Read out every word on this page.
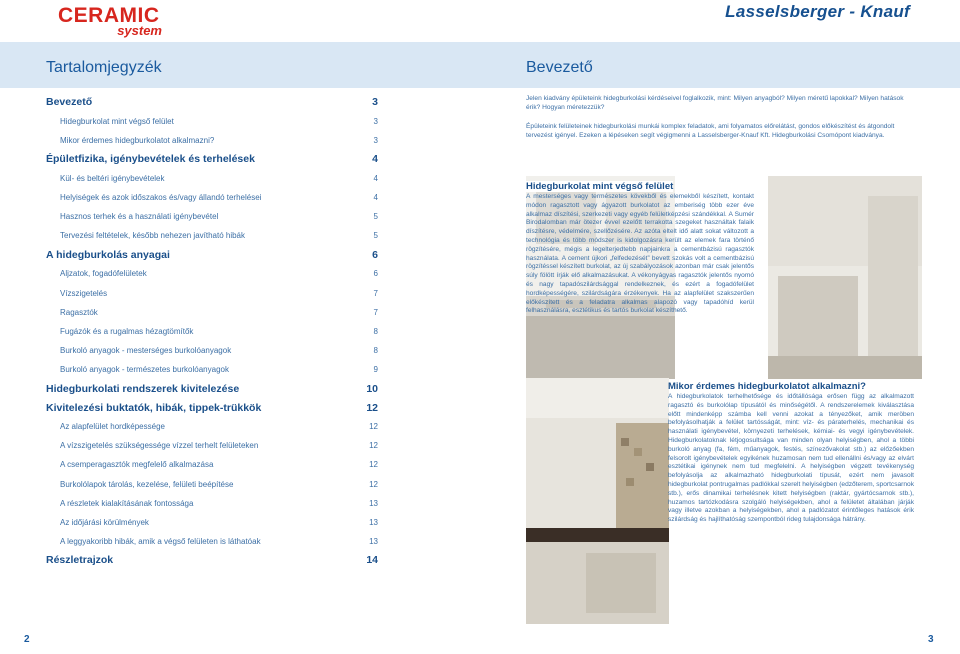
CERAMIC
system
Lasselsberger - Knauf
Tartalomjegyzék	Bevezető
Bevezető	3
Hidegburkolat mint végső felület	3
Mikor érdemes hidegburkolatot alkalmazni?	3
Épületfizika, igénybevételek és terhelések	4
Kül- és beltéri igénybevételek	4
Helyiségek és azok időszakos és/vagy állandó terhelései	4
Hasznos terhek és a használati igénybevétel	5
Tervezési feltételek, később nehezen javítható hibák	5
A hidegburkolás anyagai	6
Aljzatok, fogadófelületek	6
Vízszigetelés	7
Ragasztók	7
Fugázók és a rugalmas hézagtömítők	8
Burkoló anyagok - mesterséges burkolóanyagok	8
Burkoló anyagok - természetes burkolóanyagok	9
Hidegburkolati rendszerek kivitelezése	10
Kivitelezési buktatók, hibák, tippek-trükkök	12
Az alapfelület hordképessége	12
A vízszigetelés szükségessége vízzel terhelt felületeken	12
A csemperagasztók megfelelő alkalmazása	12
Burkolólapok tárolás, kezelése, felületi beépítése	12
A részletek kialakításának fontossága	13
Az időjárási körülmények	13
A leggyakoribb hibák, amik a végső felületen is láthatóak	13
Részletrajzok	14

Jelen kiadvány épületeink hidegburkolási kérdéseivel foglalkozik, mint: Milyen anyagból? Milyen méretű lapokkal? Milyen hatások érik? Hogyan méretezzük?

Épületeink felületeinek hidegburkolási munkái komplex feladatok, ami folyamatos előrelátást, gondos előkészítést és átgondolt tervezést igényel. Ezeken a lépéseken segít végigmenni a Lasselsberger-Knauf Kft. Hidegburkolási Csomópont kiadványa.

Hidegburkolat mint végső felület

A mesterséges vagy természetes kövekből és elemekből készített, kontakt módon ragasztott vagy ágyazott burkolatot az emberiség több ezer éve alkalmaz díszítési, szerkezeti vagy egyéb felületképzési szándékkal. A Sumér Birodalomban már ötezer évvel ezelőtt terrakotta szegeket használtak falaik díszítésre, védelmére, szellőzésére. Az azóta eltelt idő alatt sokat változott a technológia és több módszer is kidolgozásra került az elemek fara történő rögzítésére, mégis a legelterjedtebb napjainkra a cementbázisú ragasztók használata. A cement újkori „felfedezését” bevett szokás volt a cementbázisú rögzítéssel készített burkolat, az új szabályozások azonban már csak jelentős súly fölött írják elő alkalmazásukat. A vékonyágyas ragasztók jelentős nyomó és nagy tapadószilárdsággal rendelkeznek, és ezért a fogadófelület hordképességére, szilárdságára érzékenyek. Ha az alapfelület szakszerűen előkészített és a feladatra alkalmas alapozó vagy tapadóhíd kerül felhasználásra, esztétikus és tartós burkolat készíthető.

Mikor érdemes hidegburkolatot alkalmazni?

A hidegburkolatok terhelhetősége és időtállósága erősen függ az alkalmazott ragasztó és burkolólap típusától és minőségétől. A rendszerelemek kiválasztása előtt mindenképp számba kell venni azokat a tényezőket, amik meröben befolyásolhatják a felület tartósságát, mint: víz- és páraterhelés, mechanikai és használati igénybevétel, környezeti terhelések, kémiai- és vegyi igénybevételek. Hidegburkolatoknak létjogosultsága van minden olyan helyiségben, ahol a többi burkoló anyag (fa, fém, műanyagok, festés, színezővakolat stb.) az előzőekben felsorolt igénybevételek egyikének huzamosan nem tud ellenállni és/vagy az elvárt esztétikai igénynek nem tud megfelelni. A helyiségben végzett tevékenység befolyásolja az alkalmazható hidegburkolati típusát, ezért nem javasolt hidegburkolat pontrugalmas padlókkal szerelt helyiségben (edzőterem, sportcsarnok stb.), erős dinamikai terhelésnek kitett helyiségben (raktár, gyártócsarnok stb.), huzamos tartózkodásra szolgáló helyiségekben, ahol a felületet általában járják vagy illetve azokban a helyiségekben, ahol a padlózatot érintőleges hatások érik szilárdság és hajlíthatóság szempontból rideg tulajdonsága hátrány.

2	3
